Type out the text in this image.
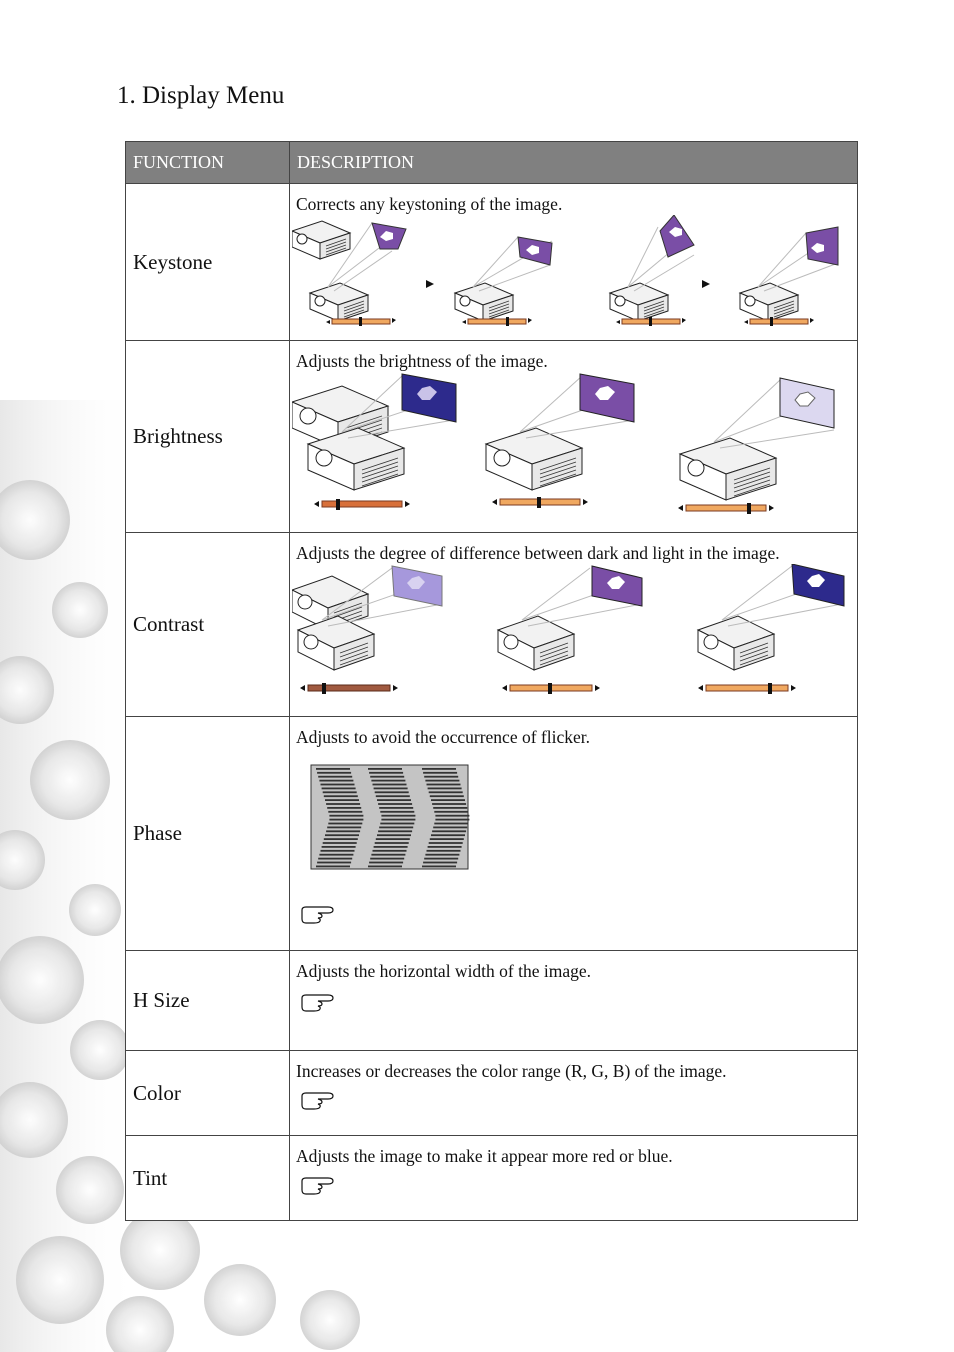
1. Display Menu
FUNCTION	DESCRIPTION
Keystone	Corrects any keystoning of the image.

Brightness	Adjusts the brightness of the image.

Contrast	Adjusts the degree of difference between dark and light in the image.

Phase	Adjusts to avoid the occurrence of flicker.

H Size	Adjusts the horizontal width of the image.

Color	Increases or decreases the color range (R, G, B) of the image.

Tint	Adjusts the image to make it appear more red or blue.
